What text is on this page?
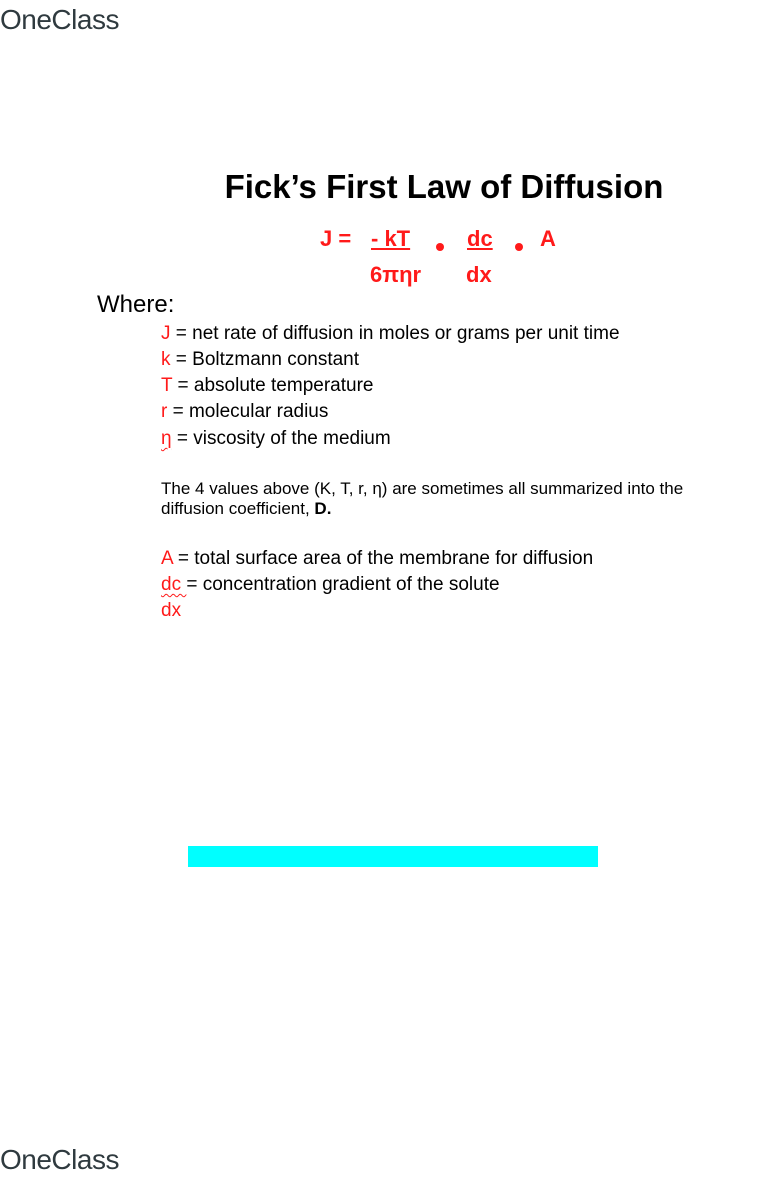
OneClass
Fick’s First Law of Diffusion
J = - kT	dc A
6πηr dx
Where:
J = net rate of diffusion in moles or grams per unit time
k = Boltzmann constant
T = absolute temperature
r = molecular radius
η = viscosity of the medium
The 4 values above (K, T, r, η) are sometimes all summarized into the
diffusion coefficient, D.
A = total surface area of the membrane for diffusion
dc = concentration gradient of the solute
dx
OneClass
